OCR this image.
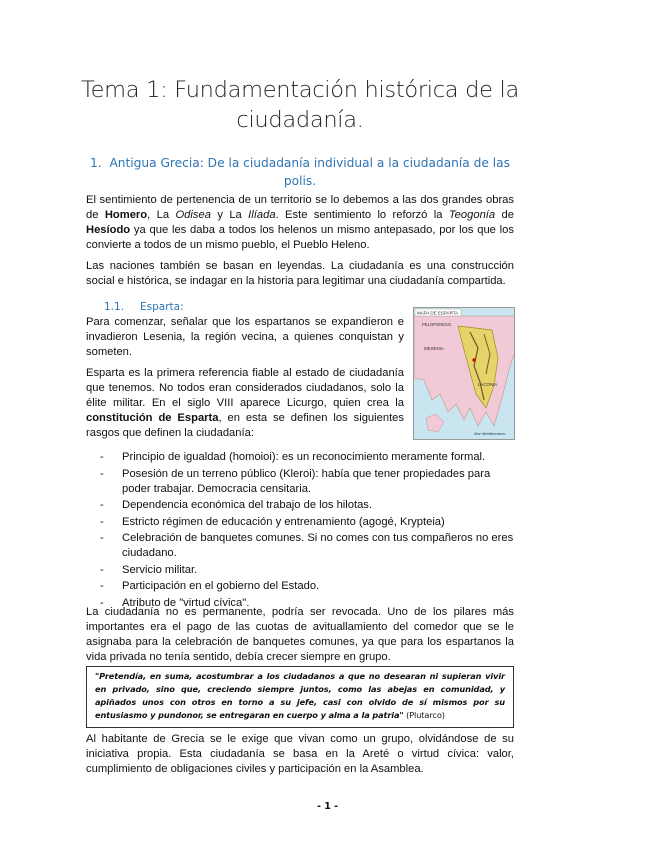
Tema 1: Fundamentación histórica de la ciudadanía.
1. Antigua Grecia: De la ciudadanía individual a la ciudadanía de las polis.

El sentimiento de pertenencia de un territorio se lo debemos a las dos grandes obras de Homero, La Odisea y La Ilíada. Este sentimiento lo reforzó la Teogonía de Hesíodo ya que les daba a todos los helenos un mismo antepasado, por los que los convierte a todos de un mismo pueblo, el Pueblo Heleno.

Las naciones también se basan en leyendas. La ciudadanía es una construcción social e histórica, se indagar en la historia para legitimar una ciudadanía compartida.

1.1. Esparta:

Para comenzar, señalar que los espartanos se expandieron e invadieron Lesenia, la región vecina, a quienes conquistan y someten.

Esparta es la primera referencia fiable al estado de ciudadanía que tenemos. No todos eran considerados ciudadanos, solo la élite militar. En el siglo VIII aparece Licurgo, quien crea la constitución de Esparta, en esta se definen los siguientes rasgos que definen la ciudadanía:

MAPA DE ESPARTA
PELOPONESO
MESENIA
LACONIA
Mar Mediterráneo
- Principio de igualdad (homoioi): es un reconocimiento meramente formal.
- Posesión de un terreno público (Kleroi): había que tener propiedades para poder trabajar. Democracia censitaria.
- Dependencia económica del trabajo de los hilotas.
- Estricto régimen de educación y entrenamiento (agogé, Krypteia)
- Celebración de banquetes comunes. Si no comes con tus compañeros no eres ciudadano.
- Servicio militar.
- Participación en el gobierno del Estado.
- Atributo de "virtud cívica".

La ciudadanía no es permanente, podría ser revocada. Uno de los pilares más importantes era el pago de las cuotas de avituallamiento del comedor que se le asignaba para la celebración de banquetes comunes, ya que para los espartanos la vida privada no tenía sentido, debía crecer siempre en grupo.

"Pretendía, en suma, acostumbrar a los ciudadanos a que no desearan ni supieran vivir en privado, sino que, creciendo siempre juntos, como las abejas en comunidad, y apiñados unos con otros en torno a su jefe, casi con olvido de sí mismos por su entusiasmo y pundonor, se entregaran en cuerpo y alma a la patria" (Plutarco)

Al habitante de Grecia se le exige que vivan como un grupo, olvidándose de su iniciativa propia. Esta ciudadanía se basa en la Areté o virtud cívica: valor, cumplimiento de obligaciones civiles y participación en la Asamblea.

- 1 -
